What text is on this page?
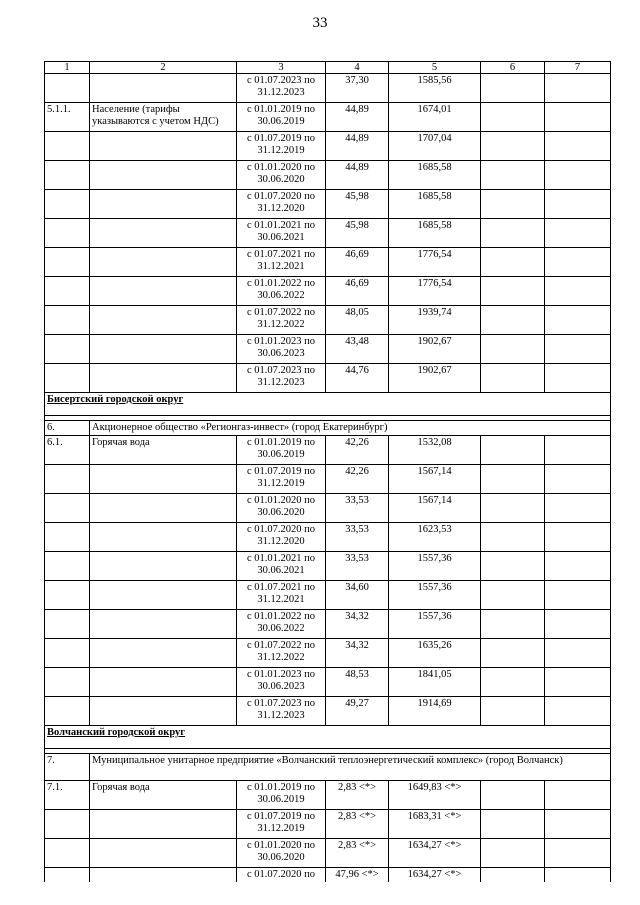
33
1	2	3	4	5	6	7
		с 01.07.2023 по 31.12.2023	37,30	1585,56		
5.1.1.	Население (тарифы указываются с учетом НДС)	с 01.01.2019 по 30.06.2019	44,89	1674,01		
		с 01.07.2019 по 31.12.2019	44,89	1707,04		
		с 01.01.2020 по 30.06.2020	44,89	1685,58		
		с 01.07.2020 по 31.12.2020	45,98	1685,58		
		с 01.01.2021 по 30.06.2021	45,98	1685,58		
		с 01.07.2021 по 31.12.2021	46,69	1776,54		
		с 01.01.2022 по 30.06.2022	46,69	1776,54		
		с 01.07.2022 по 31.12.2022	48,05	1939,74		
		с 01.01.2023 по 30.06.2023	43,48	1902,67		
		с 01.07.2023 по 31.12.2023	44,76	1902,67		
Бисертский городской округ						

6.	Акционерное общество «Регионгаз-инвест» (город Екатеринбург)					
6.1.	Горячая вода	с 01.01.2019 по 30.06.2019	42,26	1532,08		
		с 01.07.2019 по 31.12.2019	42,26	1567,14		
		с 01.01.2020 по 30.06.2020	33,53	1567,14		
		с 01.07.2020 по 31.12.2020	33,53	1623,53		
		с 01.01.2021 по 30.06.2021	33,53	1557,36		
		с 01.07.2021 по 31.12.2021	34,60	1557,36		
		с 01.01.2022 по 30.06.2022	34,32	1557,36		
		с 01.07.2022 по 31.12.2022	34,32	1635,26		
		с 01.01.2023 по 30.06.2023	48,53	1841,05		
		с 01.07.2023 по 31.12.2023	49,27	1914,69		
Волчанский городской округ						

7.	Муниципальное унитарное предприятие «Волчанский теплоэнергетический комплекс» (город Волчанск)					
7.1.	Горячая вода	с 01.01.2019 по 30.06.2019	2,83 <*>	1649,83 <*>		
		с 01.07.2019 по 31.12.2019	2,83 <*>	1683,31 <*>		
		с 01.01.2020 по 30.06.2020	2,83 <*>	1634,27 <*>		
		с 01.07.2020 по	47,96 <*>	1634,27 <*>		
